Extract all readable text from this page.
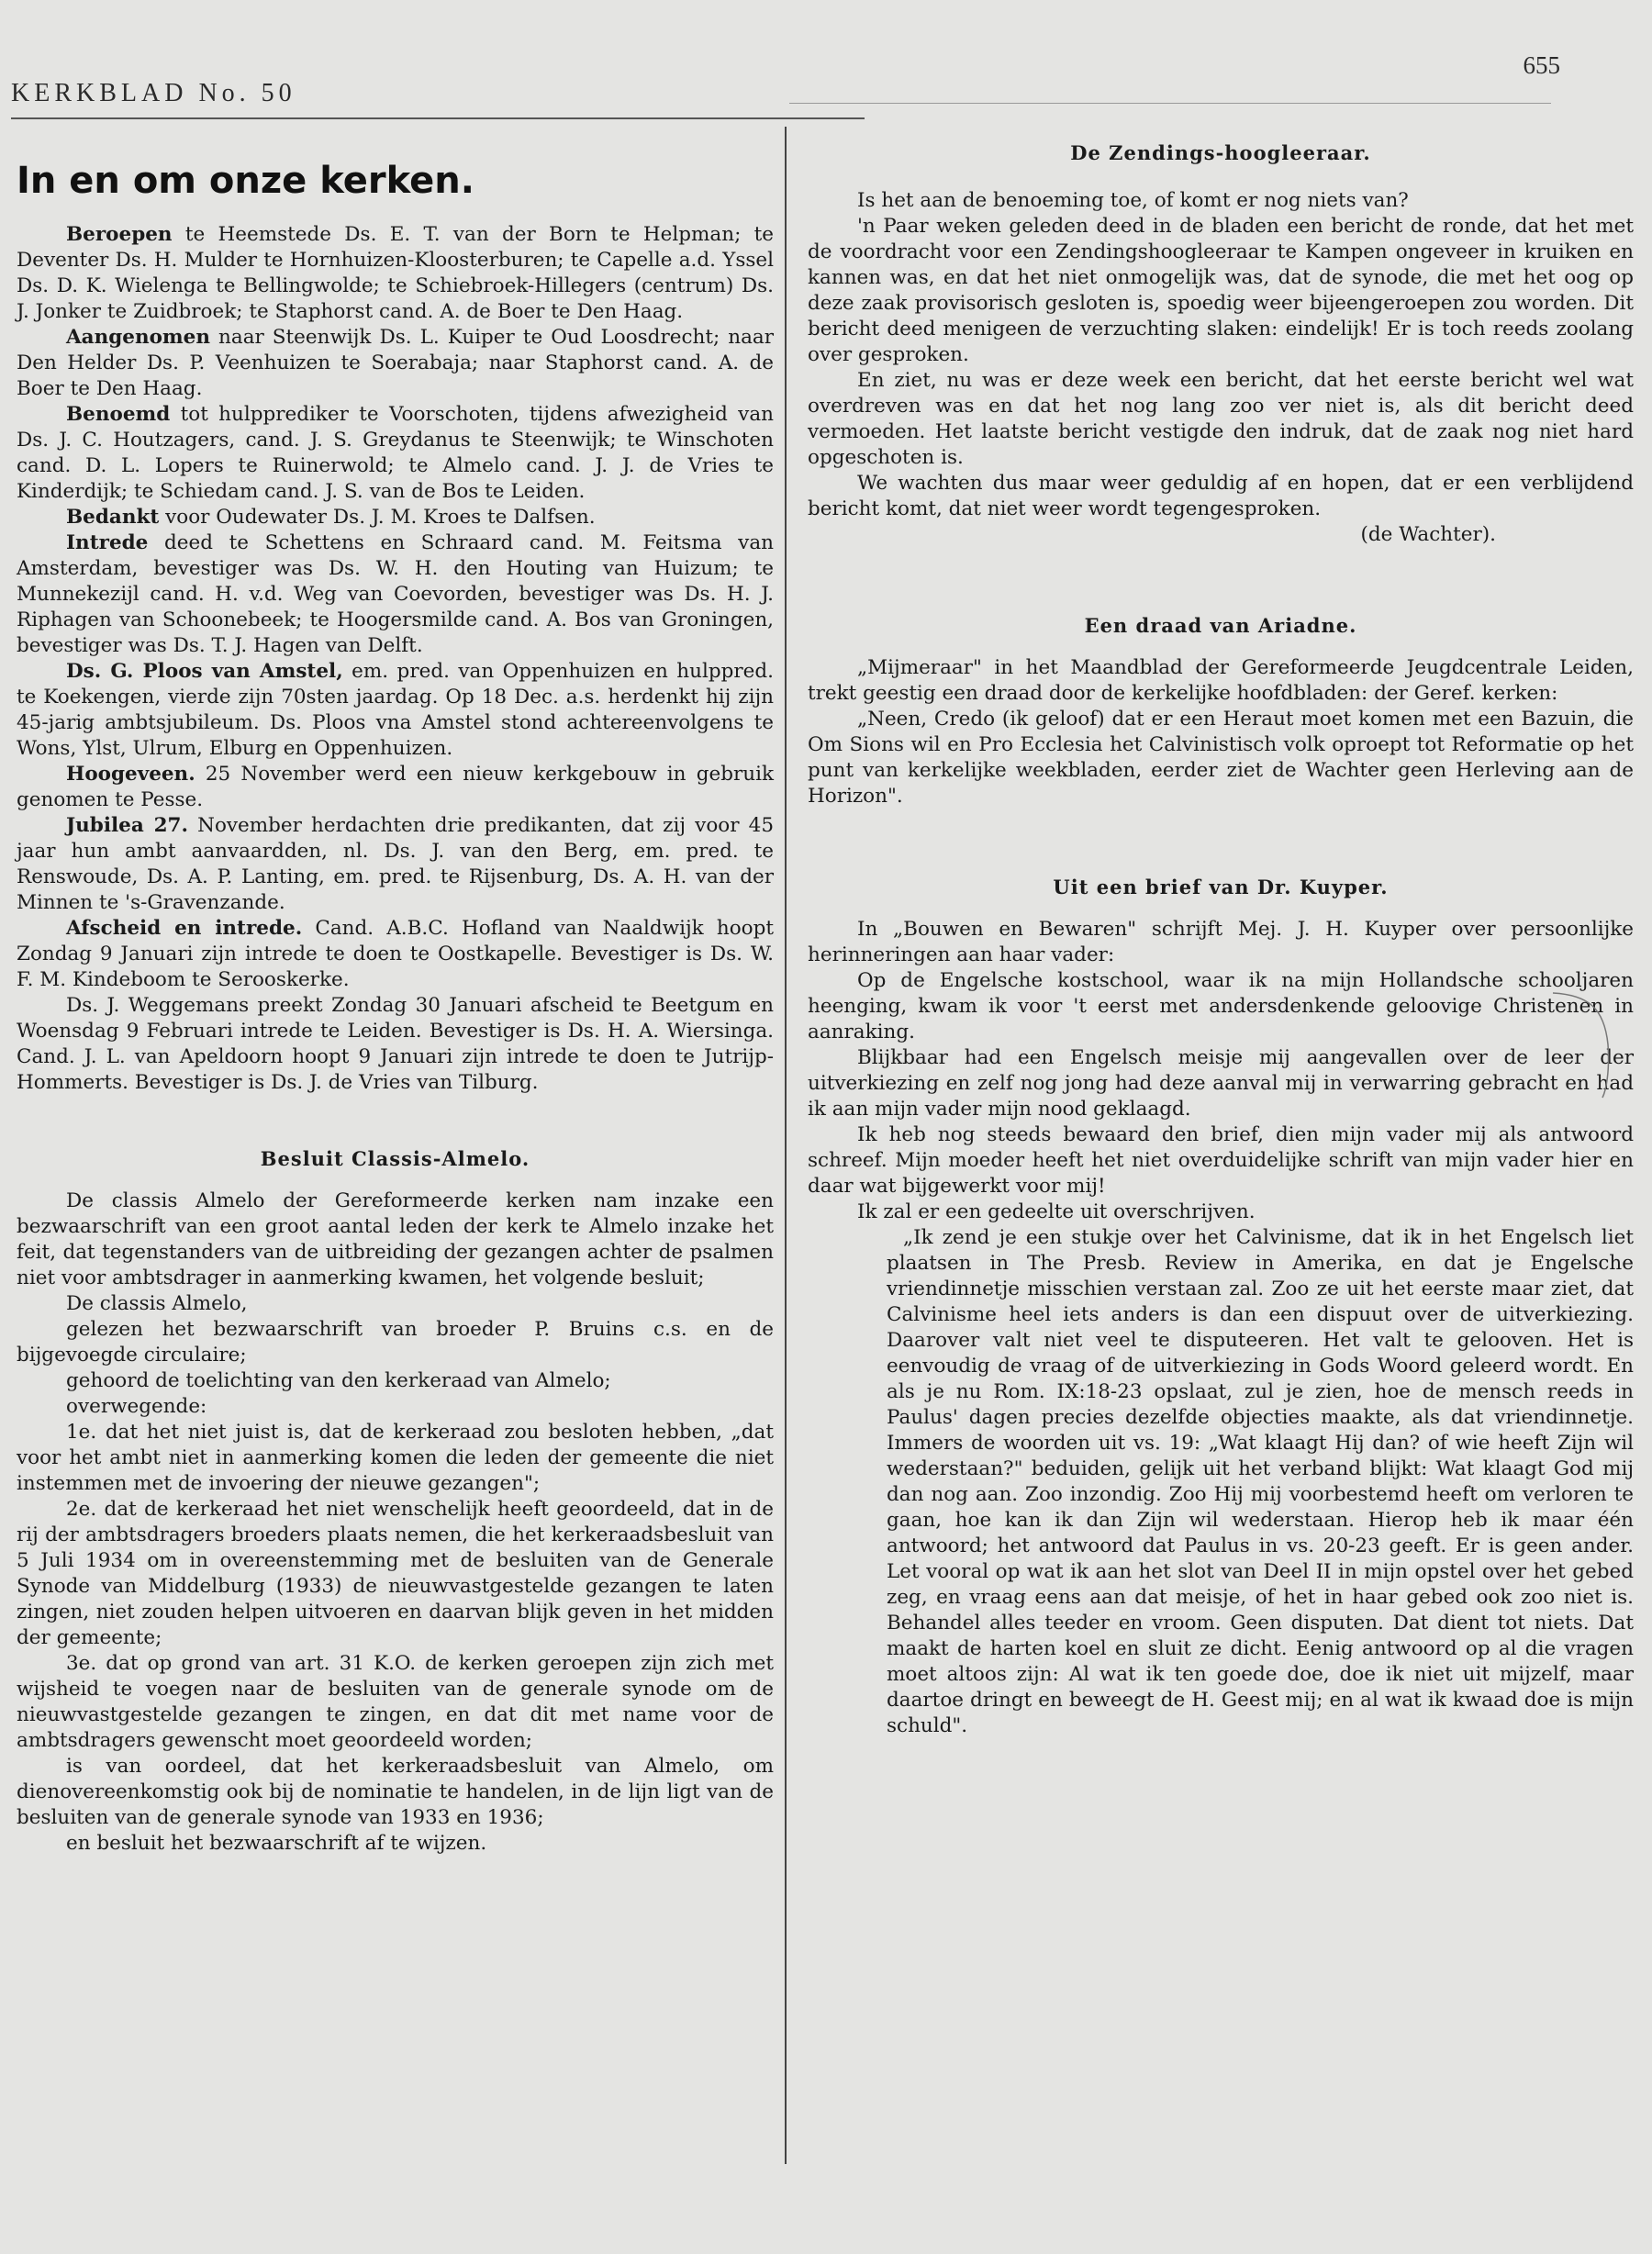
KERKBLAD No. 50
655
In en om onze kerken.

Beroepen te Heemstede Ds. E. T. van der Born te Helpman; te Deventer Ds. H. Mulder te Hornhuizen-Kloosterburen; te Capelle a.d. Yssel Ds. D. K. Wielenga te Bellingwolde; te Schiebroek-Hillegers (centrum) Ds. J. Jonker te Zuidbroek; te Staphorst cand. A. de Boer te Den Haag.

Aangenomen naar Steenwijk Ds. L. Kuiper te Oud Loosdrecht; naar Den Helder Ds. P. Veenhuizen te Soerabaja; naar Staphorst cand. A. de Boer te Den Haag.

Benoemd tot hulpprediker te Voorschoten, tijdens afwezigheid van Ds. J. C. Houtzagers, cand. J. S. Greydanus te Steenwijk; te Winschoten cand. D. L. Lopers te Ruinerwold; te Almelo cand. J. J. de Vries te Kinderdijk; te Schiedam cand. J. S. van de Bos te Leiden.

Bedankt voor Oudewater Ds. J. M. Kroes te Dalfsen.

Intrede deed te Schettens en Schraard cand. M. Feitsma van Amsterdam, bevestiger was Ds. W. H. den Houting van Huizum; te Munnekezijl cand. H. v.d. Weg van Coevorden, bevestiger was Ds. H. J. Riphagen van Schoonebeek; te Hoogersmilde cand. A. Bos van Groningen, bevestiger was Ds. T. J. Hagen van Delft.

Ds. G. Ploos van Amstel, em. pred. van Oppenhuizen en hulppred. te Koekengen, vierde zijn 70sten jaardag. Op 18 Dec. a.s. herdenkt hij zijn 45-jarig ambtsjubileum. Ds. Ploos vna Amstel stond achtereenvolgens te Wons, Ylst, Ulrum, Elburg en Oppenhuizen.

Hoogeveen. 25 November werd een nieuw kerkgebouw in gebruik genomen te Pesse.

Jubilea 27. November herdachten drie predikanten, dat zij voor 45 jaar hun ambt aanvaardden, nl. Ds. J. van den Berg, em. pred. te Renswoude, Ds. A. P. Lanting, em. pred. te Rijsenburg, Ds. A. H. van der Minnen te 's-Gravenzande.

Afscheid en intrede. Cand. A.B.C. Hofland van Naaldwijk hoopt Zondag 9 Januari zijn intrede te doen te Oostkapelle. Bevestiger is Ds. W. F. M. Kindeboom te Serooskerke.

Ds. J. Weggemans preekt Zondag 30 Januari afscheid te Beetgum en Woensdag 9 Februari intrede te Leiden. Bevestiger is Ds. H. A. Wiersinga. Cand. J. L. van Apeldoorn hoopt 9 Januari zijn intrede te doen te Jutrijp-Hommerts. Bevestiger is Ds. J. de Vries van Tilburg.

Besluit Classis-Almelo.

De classis Almelo der Gereformeerde kerken nam inzake een bezwaarschrift van een groot aantal leden der kerk te Almelo inzake het feit, dat tegenstanders van de uitbreiding der gezangen achter de psalmen niet voor ambtsdrager in aanmerking kwamen, het volgende besluit;

De classis Almelo,

gelezen het bezwaarschrift van broeder P. Bruins c.s. en de bijgevoegde circulaire;

gehoord de toelichting van den kerkeraad van Almelo;

overwegende:

1e. dat het niet juist is, dat de kerkeraad zou besloten hebben, „dat voor het ambt niet in aanmerking komen die leden der gemeente die niet instemmen met de invoering der nieuwe gezangen";

2e. dat de kerkeraad het niet wenschelijk heeft geoordeeld, dat in de rij der ambtsdragers broeders plaats nemen, die het kerkeraadsbesluit van 5 Juli 1934 om in overeenstemming met de besluiten van de Generale Synode van Middelburg (1933) de nieuwvastgestelde gezangen te laten zingen, niet zouden helpen uitvoeren en daarvan blijk geven in het midden der gemeente;

3e. dat op grond van art. 31 K.O. de kerken geroepen zijn zich met wijsheid te voegen naar de besluiten van de generale synode om de nieuwvastgestelde gezangen te zingen, en dat dit met name voor de ambtsdragers gewenscht moet geoordeeld worden;

is van oordeel, dat het kerkeraadsbesluit van Almelo, om dienovereenkomstig ook bij de nominatie te handelen, in de lijn ligt van de besluiten van de generale synode van 1933 en 1936;

en besluit het bezwaarschrift af te wijzen.

De Zendings-hoogleeraar.

Is het aan de benoeming toe, of komt er nog niets van?

'n Paar weken geleden deed in de bladen een bericht de ronde, dat het met de voordracht voor een Zendingshoogleeraar te Kampen ongeveer in kruiken en kannen was, en dat het niet onmogelijk was, dat de synode, die met het oog op deze zaak provisorisch gesloten is, spoedig weer bijeengeroepen zou worden. Dit bericht deed menigeen de verzuchting slaken: eindelijk! Er is toch reeds zoolang over gesproken.

En ziet, nu was er deze week een bericht, dat het eerste bericht wel wat overdreven was en dat het nog lang zoo ver niet is, als dit bericht deed vermoeden. Het laatste bericht vestigde den indruk, dat de zaak nog niet hard opgeschoten is.

We wachten dus maar weer geduldig af en hopen, dat er een verblijdend bericht komt, dat niet weer wordt tegengesproken.

(de Wachter).

Een draad van Ariadne.

„Mijmeraar" in het Maandblad der Gereformeerde Jeugdcentrale Leiden, trekt geestig een draad door de kerkelijke hoofdbladen: der Geref. kerken:

„Neen, Credo (ik geloof) dat er een Heraut moet komen met een Bazuin, die Om Sions wil en Pro Ecclesia het Calvinistisch volk oproept tot Reformatie op het punt van kerkelijke weekbladen, eerder ziet de Wachter geen Herleving aan de Horizon".

Uit een brief van Dr. Kuyper.

In „Bouwen en Bewaren" schrijft Mej. J. H. Kuyper over persoonlijke herinneringen aan haar vader:

Op de Engelsche kostschool, waar ik na mijn Hollandsche schooljaren heenging, kwam ik voor 't eerst met andersdenkende geloovige Christenen in aanraking.

Blijkbaar had een Engelsch meisje mij aangevallen over de leer der uitverkiezing en zelf nog jong had deze aanval mij in verwarring gebracht en had ik aan mijn vader mijn nood geklaagd.

Ik heb nog steeds bewaard den brief, dien mijn vader mij als antwoord schreef. Mijn moeder heeft het niet overduidelijke schrift van mijn vader hier en daar wat bijgewerkt voor mij!

Ik zal er een gedeelte uit overschrijven.

„Ik zend je een stukje over het Calvinisme, dat ik in het Engelsch liet plaatsen in The Presb. Review in Amerika, en dat je Engelsche vriendinnetje misschien verstaan zal. Zoo ze uit het eerste maar ziet, dat Calvinisme heel iets anders is dan een dispuut over de uitverkiezing. Daarover valt niet veel te disputeeren. Het valt te gelooven. Het is eenvoudig de vraag of de uitverkiezing in Gods Woord geleerd wordt. En als je nu Rom. IX:18-23 opslaat, zul je zien, hoe de mensch reeds in Paulus' dagen precies dezelfde objecties maakte, als dat vriendinnetje. Immers de woorden uit vs. 19: „Wat klaagt Hij dan? of wie heeft Zijn wil wederstaan?" beduiden, gelijk uit het verband blijkt: Wat klaagt God mij dan nog aan. Zoo inzondig. Zoo Hij mij voorbestemd heeft om verloren te gaan, hoe kan ik dan Zijn wil wederstaan. Hierop heb ik maar één antwoord; het antwoord dat Paulus in vs. 20-23 geeft. Er is geen ander. Let vooral op wat ik aan het slot van Deel II in mijn opstel over het gebed zeg, en vraag eens aan dat meisje, of het in haar gebed ook zoo niet is. Behandel alles teeder en vroom. Geen disputen. Dat dient tot niets. Dat maakt de harten koel en sluit ze dicht. Eenig antwoord op al die vragen moet altoos zijn: Al wat ik ten goede doe, doe ik niet uit mijzelf, maar daartoe dringt en beweegt de H. Geest mij; en al wat ik kwaad doe is mijn schuld".
